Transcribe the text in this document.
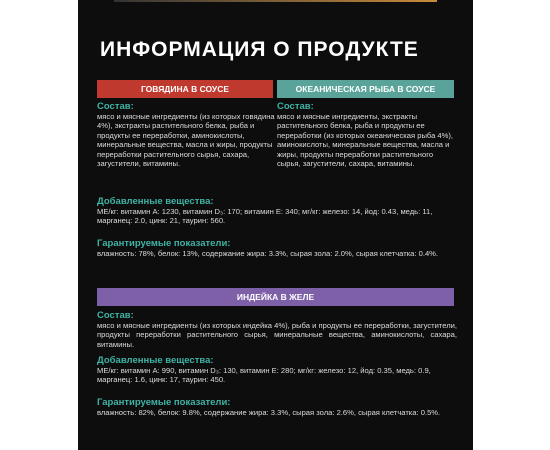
ИНФОРМАЦИЯ О ПРОДУКТЕ
ГОВЯДИНА В СОУСЕ	ОКЕАНИЧЕСКАЯ РЫБА В СОУСЕ
Состав:
мясо и мясные ингредиенты (из которых говядина 4%), экстракты растительного белка, рыба и продукты ее переработки, аминокислоты, минеральные вещества, масла и жиры, продукты переработки растительного сырья, сахара, загустители, витамины.
Состав:
мясо и мясные ингредиенты, экстракты растительного белка, рыба и продукты ее переработки (из которых океаническая рыба 4%), аминокислоты, минеральные вещества, масла и жиры, продукты переработки растительного сырья, загустители, сахара, витамины.
Добавленные вещества:
МЕ/кг: витамин A: 1230, витамин D₃: 170; витамин E: 340; мг/кг: железо: 14, йод: 0.43, медь: 11, марганец: 2.0, цинк: 21, таурин: 560.
Гарантируемые показатели:
влажность: 78%, белок: 13%, содержание жира: 3.3%, сырая зола: 2.0%, сырая клетчатка: 0.4%.
ИНДЕЙКА В ЖЕЛЕ
Состав:
мясо и мясные ингредиенты (из которых индейка 4%), рыба и продукты ее переработки, загустители, продукты переработки растительного сырья, минеральные вещества, аминокислоты, сахара, витамины.
Добавленные вещества:
МЕ/кг: витамин A: 990, витамин D₃: 130, витамин E: 280; мг/кг: железо: 12, йод: 0.35, медь: 0.9, марганец: 1.6, цинк: 17, таурин: 450.
Гарантируемые показатели:
влажность: 82%, белок: 9.8%, содержание жира: 3.3%, сырая зола: 2.6%, сырая клетчатка: 0.5%.
